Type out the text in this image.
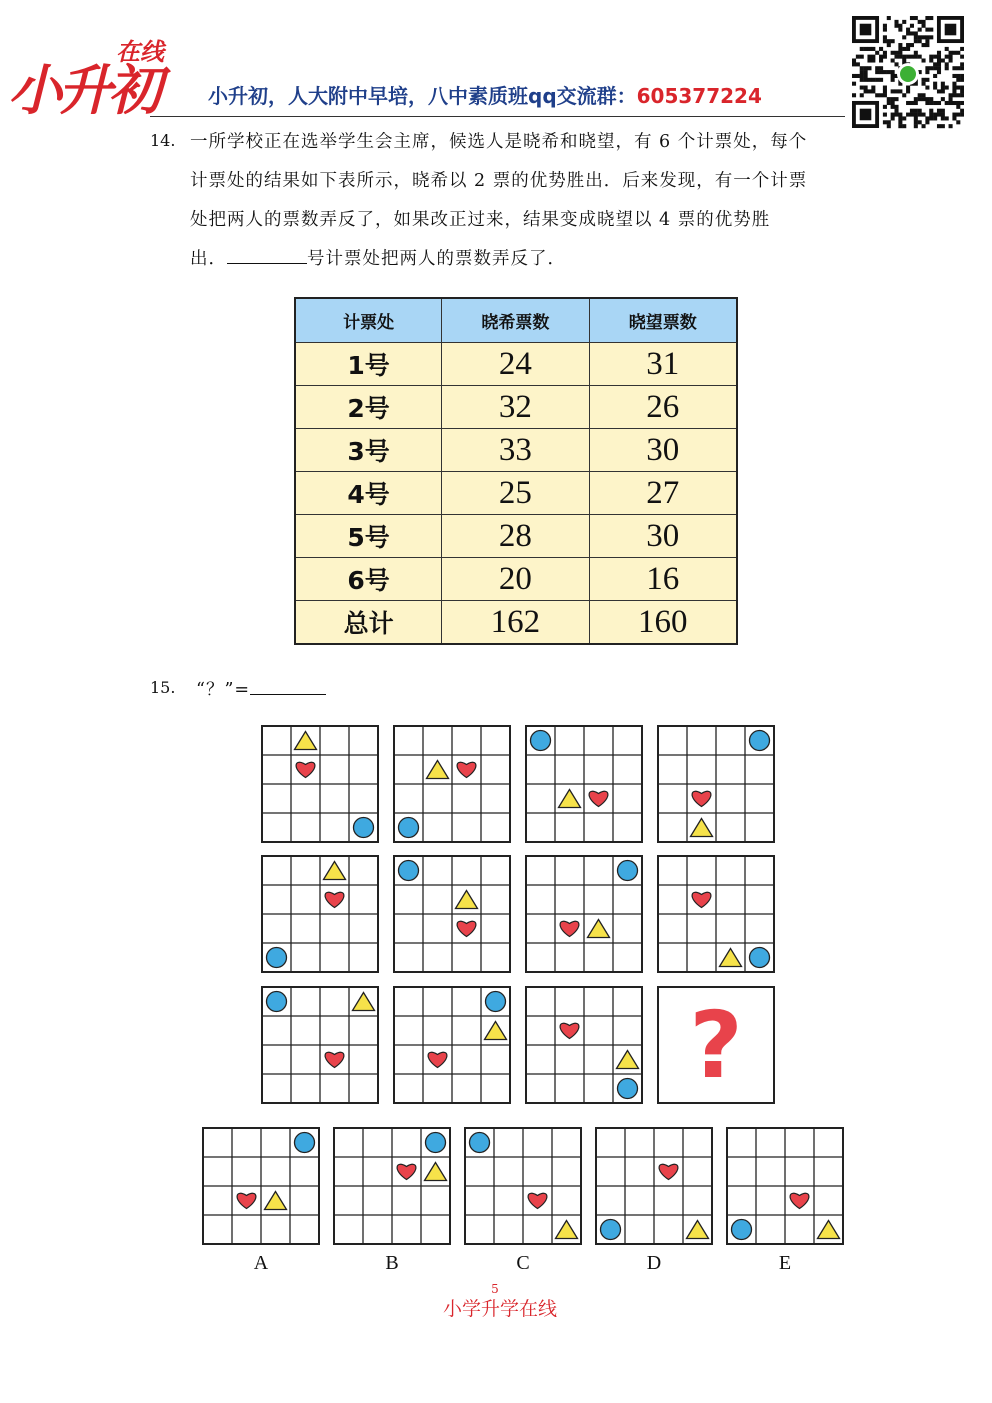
小升初
在线
小升初，人大附中早培，八中素质班qq交流群：605377224
14. 一所学校正在选举学生会主席，候选人是晓希和晓望，有 6 个计票处，每个
计票处的结果如下表所示，晓希以 2 票的优势胜出．后来发现，有一个计票
处把两人的票数弄反了，如果改正过来，结果变成晓望以 4 票的优势胜
出．	号计票处把两人的票数弄反了．
计票处	晓希票数	晓望票数
1号	24	31
2号	32	26
3号	33	30
4号	25	27
5号	28	30
6号	20	16
总计	162	160
15. “？”=
?
A	B	C	D	E
5
小学升学在线
